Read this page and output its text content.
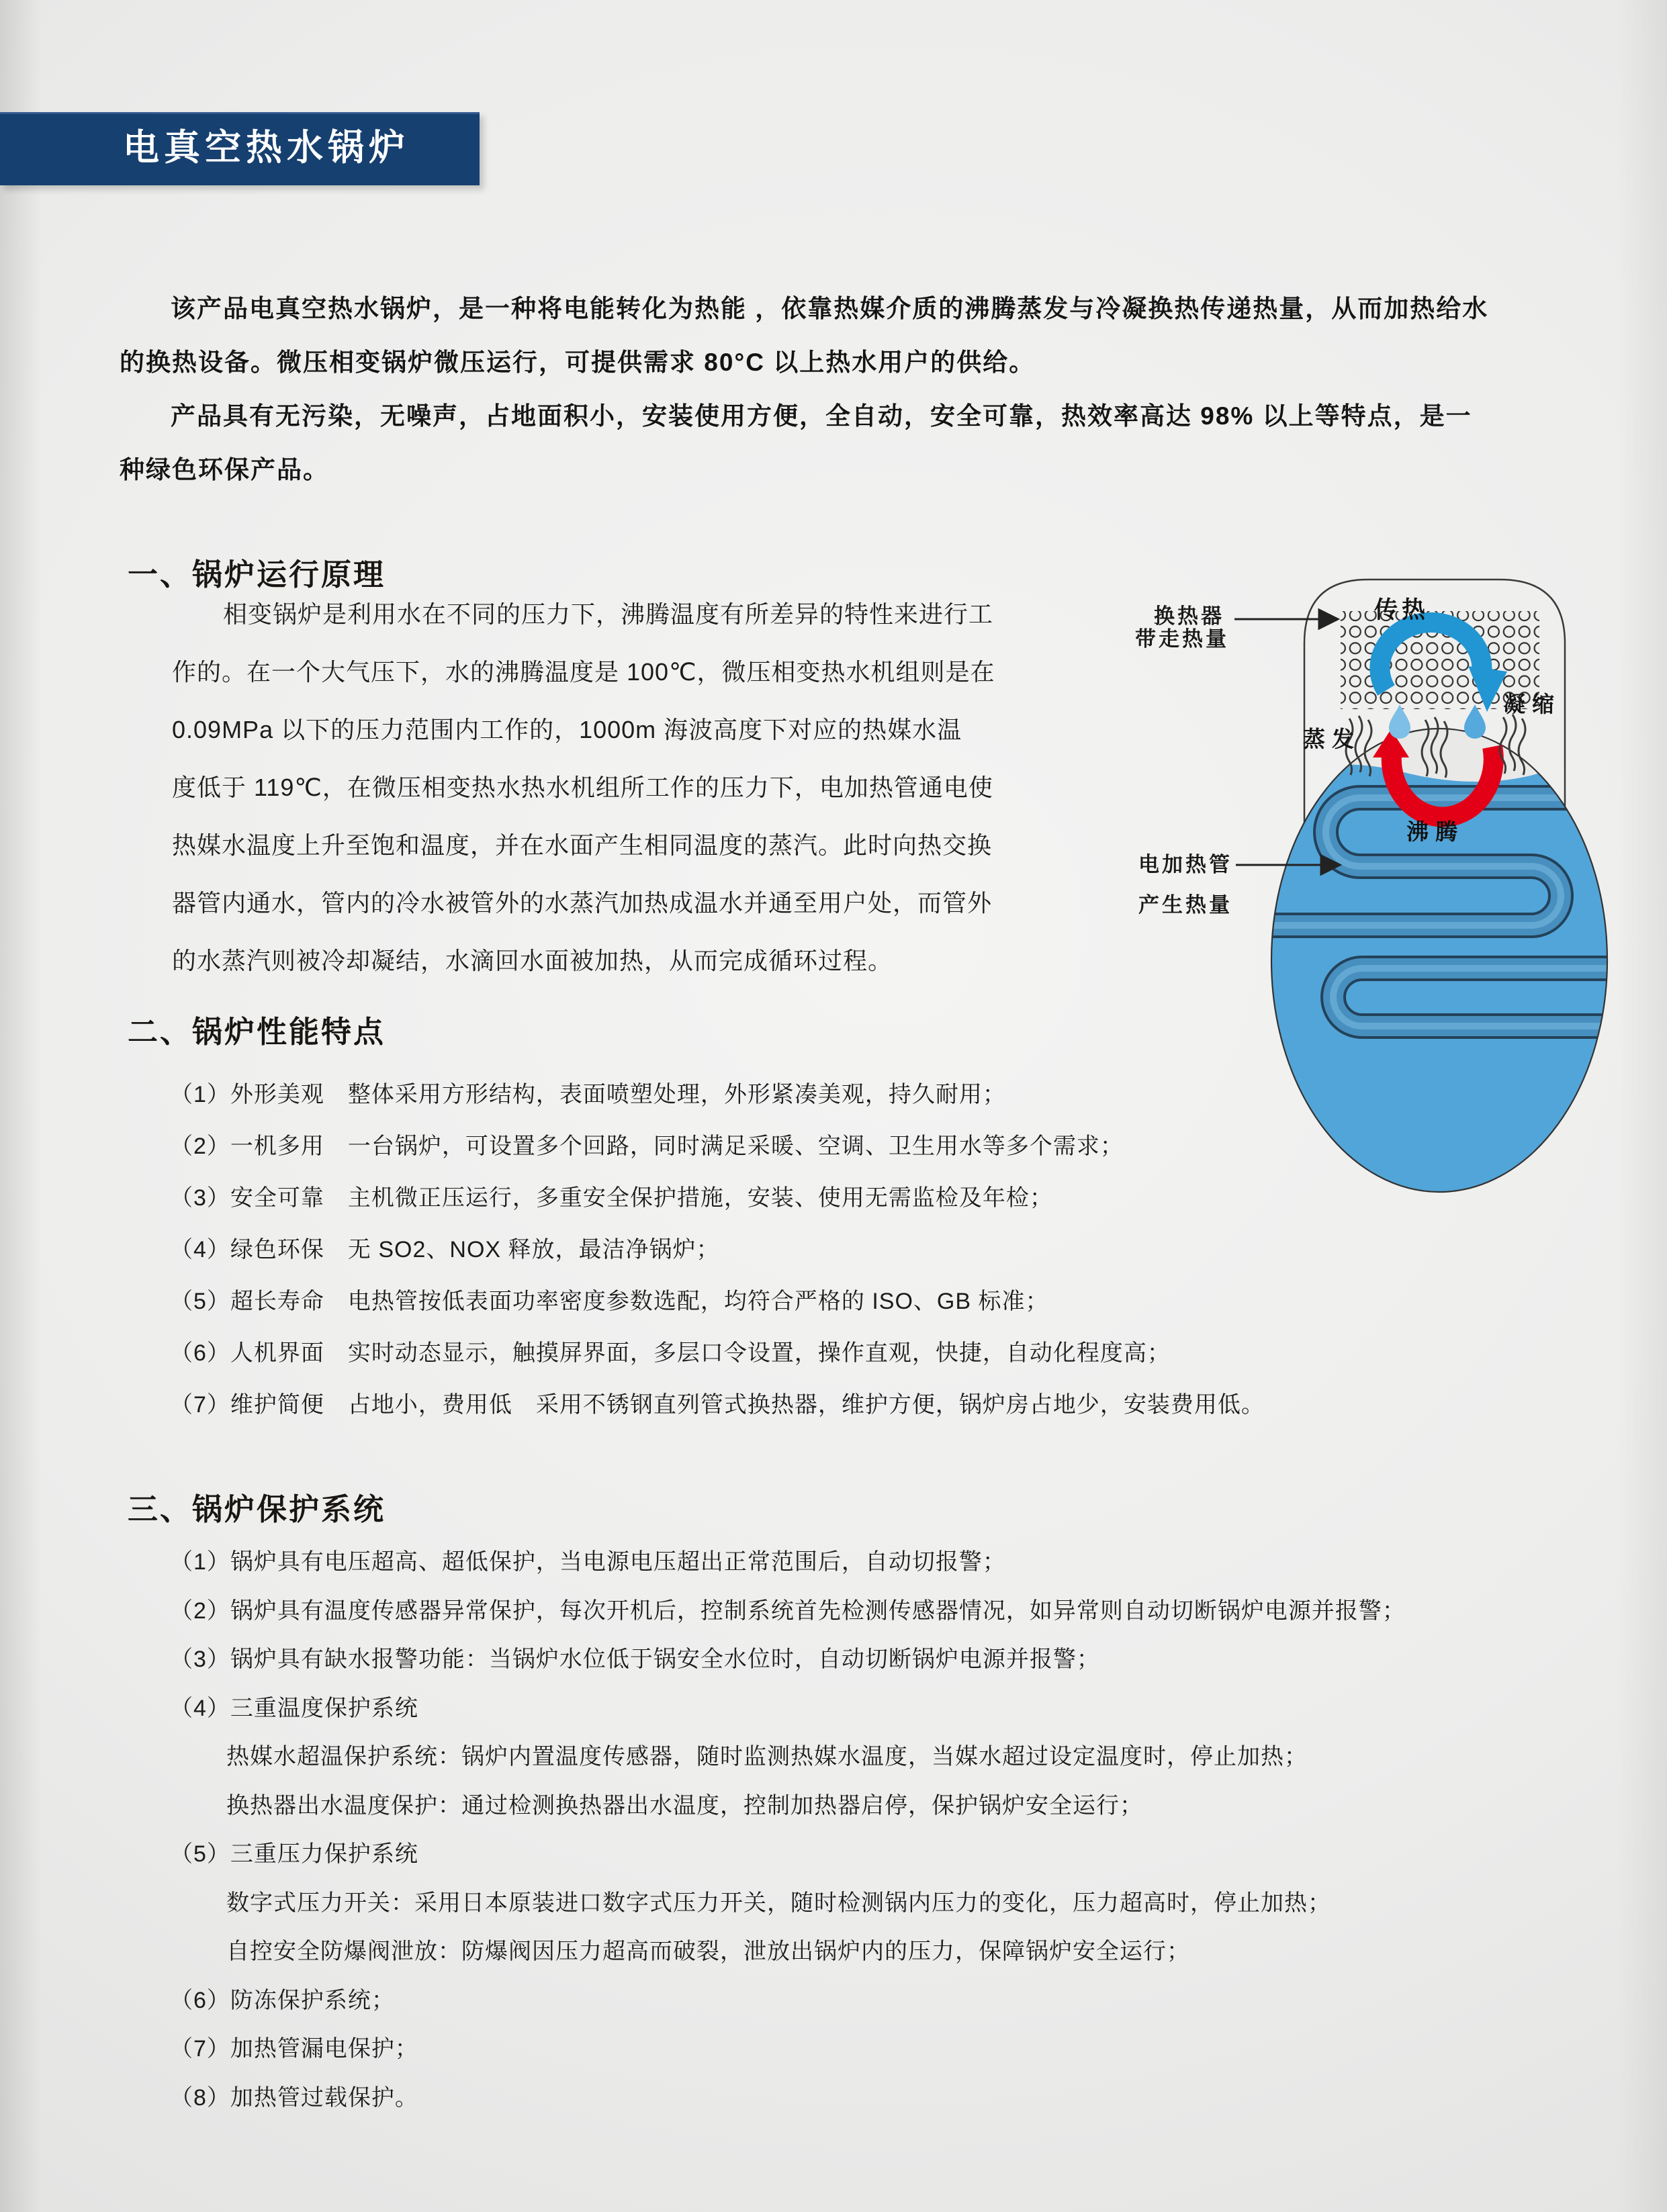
电真空热水锅炉
该产品电真空热水锅炉，是一种将电能转化为热能 ，依靠热媒介质的沸腾蒸发与冷凝换热传递热量，从而加热给水
的换热设备。微压相变锅炉微压运行，可提供需求 80°C 以上热水用户的供给。
产品具有无污染，无噪声，占地面积小，安装使用方便，全自动，安全可靠，热效率高达 98% 以上等特点，是一
种绿色环保产品。
一、锅炉运行原理
相变锅炉是利用水在不同的压力下，沸腾温度有所差异的特性来进行工
作的。在一个大气压下，水的沸腾温度是 100℃，微压相变热水机组则是在
0.09MPa 以下的压力范围内工作的，1000m 海波高度下对应的热媒水温
度低于 119℃，在微压相变热水热水机组所工作的压力下，电加热管通电使
热媒水温度上升至饱和温度，并在水面产生相同温度的蒸汽。此时向热交换
器管内通水，管内的冷水被管外的水蒸汽加热成温水并通至用户处，而管外
的水蒸汽则被冷却凝结，水滴回水面被加热，从而完成循环过程。
传热
凝缩
蒸发
沸腾
换热器
带走热量
电加热管
产生热量
二、锅炉性能特点
（1）外形美观　整体采用方形结构，表面喷塑处理，外形紧凑美观，持久耐用；
（2）一机多用　一台锅炉，可设置多个回路，同时满足采暖、空调、卫生用水等多个需求；
（3）安全可靠　主机微正压运行，多重安全保护措施，安装、使用无需监检及年检；
（4）绿色环保　无 SO2、NOX 释放，最洁净锅炉；
（5）超长寿命　电热管按低表面功率密度参数选配，均符合严格的 ISO、GB 标准；
（6）人机界面　实时动态显示，触摸屏界面，多层口令设置，操作直观，快捷，自动化程度高；
（7）维护简便　占地小，费用低　采用不锈钢直列管式换热器，维护方便，锅炉房占地少，安装费用低。
三、锅炉保护系统
（1）锅炉具有电压超高、超低保护，当电源电压超出正常范围后，自动切报警；
（2）锅炉具有温度传感器异常保护，每次开机后，控制系统首先检测传感器情况，如异常则自动切断锅炉电源并报警；
（3）锅炉具有缺水报警功能：当锅炉水位低于锅安全水位时，自动切断锅炉电源并报警；
（4）三重温度保护系统
热媒水超温保护系统：锅炉内置温度传感器，随时监测热媒水温度，当媒水超过设定温度时，停止加热；
换热器出水温度保护：通过检测换热器出水温度，控制加热器启停，保护锅炉安全运行；
（5）三重压力保护系统
数字式压力开关：采用日本原装进口数字式压力开关，随时检测锅内压力的变化，压力超高时，停止加热；
自控安全防爆阀泄放：防爆阀因压力超高而破裂，泄放出锅炉内的压力，保障锅炉安全运行；
（6）防冻保护系统；
（7）加热管漏电保护；
（8）加热管过载保护。
